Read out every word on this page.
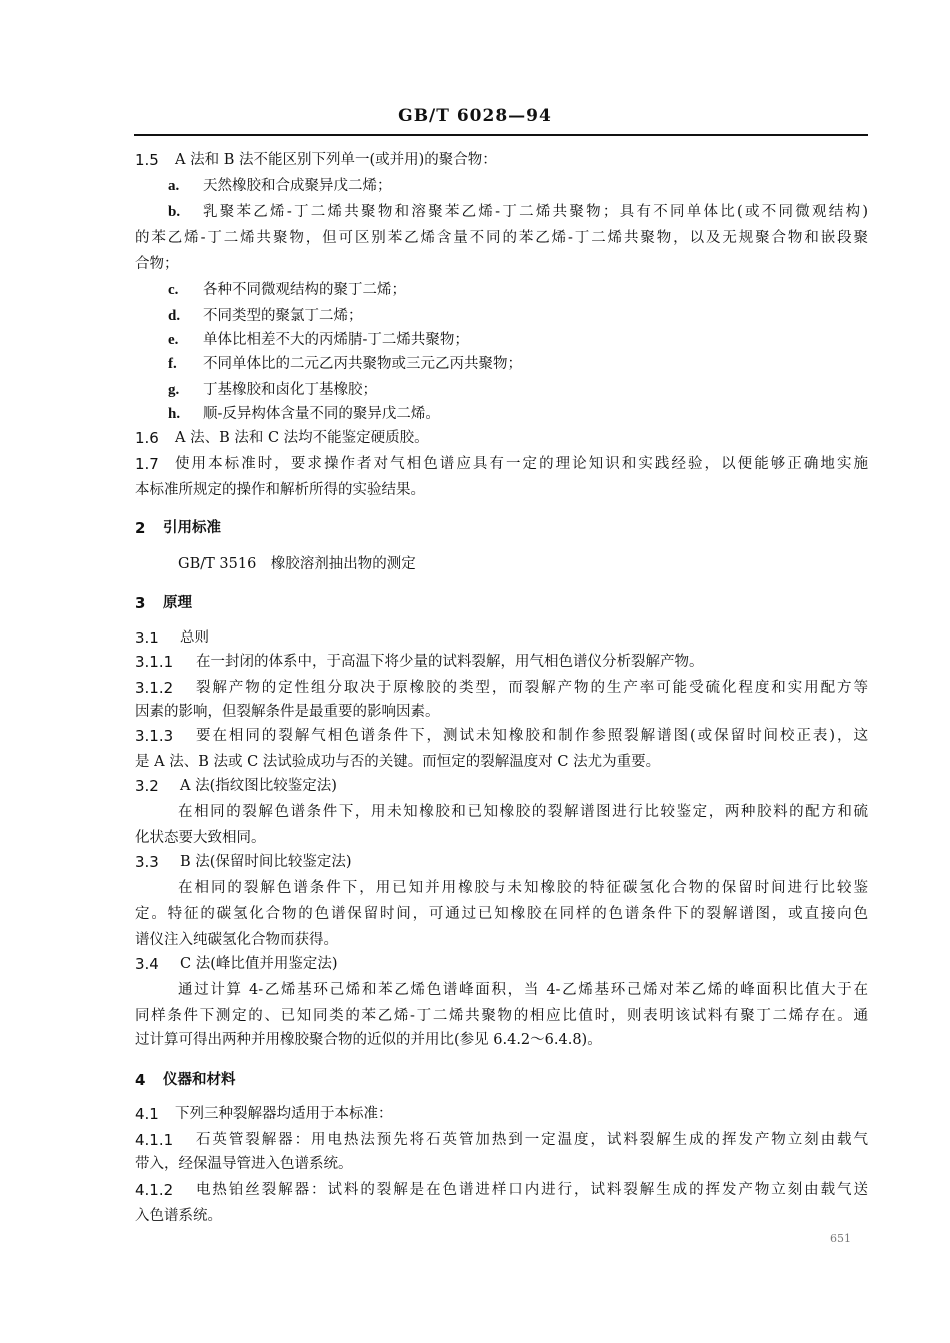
GB/T 6028—94
1.5 A 法和 B 法不能区别下列单一(或并用)的聚合物：
a. 天然橡胶和合成聚异戊二烯；
b. 乳聚苯乙烯-丁二烯共聚物和溶聚苯乙烯-丁二烯共聚物；具有不同单体比(或不同微观结构)
的苯乙烯-丁二烯共聚物，但可区别苯乙烯含量不同的苯乙烯-丁二烯共聚物，以及无规聚合物和嵌段聚
合物；
c. 各种不同微观结构的聚丁二烯；
d. 不同类型的聚氯丁二烯；
e. 单体比相差不大的丙烯腈-丁二烯共聚物；
f. 不同单体比的二元乙丙共聚物或三元乙丙共聚物；
g. 丁基橡胶和卤化丁基橡胶；
h. 顺-反异构体含量不同的聚异戊二烯。
1.6 A 法、B 法和 C 法均不能鉴定硬质胶。
1.7 使用本标准时，要求操作者对气相色谱应具有一定的理论知识和实践经验，以便能够正确地实施
本标准所规定的操作和解析所得的实验结果。
2 引用标准
GB/T 3516　橡胶溶剂抽出物的测定
3 原理
3.1 总则
3.1.1 在一封闭的体系中，于高温下将少量的试料裂解，用气相色谱仪分析裂解产物。
3.1.2 裂解产物的定性组分取决于原橡胶的类型，而裂解产物的生产率可能受硫化程度和实用配方等
因素的影响，但裂解条件是最重要的影响因素。
3.1.3 要在相同的裂解气相色谱条件下，测试未知橡胶和制作参照裂解谱图(或保留时间校正表)，这
是 A 法、B 法或 C 法试验成功与否的关键。而恒定的裂解温度对 C 法尤为重要。
3.2 A 法(指纹图比较鉴定法)
在相同的裂解色谱条件下，用未知橡胶和已知橡胶的裂解谱图进行比较鉴定，两种胶料的配方和硫
化状态要大致相同。
3.3 B 法(保留时间比较鉴定法)
在相同的裂解色谱条件下，用已知并用橡胶与未知橡胶的特征碳氢化合物的保留时间进行比较鉴
定。特征的碳氢化合物的色谱保留时间，可通过已知橡胶在同样的色谱条件下的裂解谱图，或直接向色
谱仪注入纯碳氢化合物而获得。
3.4 C 法(峰比值并用鉴定法)
通过计算 4-乙烯基环己烯和苯乙烯色谱峰面积，当 4-乙烯基环己烯对苯乙烯的峰面积比值大于在
同样条件下测定的、已知同类的苯乙烯-丁二烯共聚物的相应比值时，则表明该试料有聚丁二烯存在。通
过计算可得出两种并用橡胶聚合物的近似的并用比(参见 6.4.2～6.4.8)。
4 仪器和材料
4.1 下列三种裂解器均适用于本标准：
4.1.1 石英管裂解器：用电热法预先将石英管加热到一定温度，试料裂解生成的挥发产物立刻由载气
带入，经保温导管进入色谱系统。
4.1.2 电热铂丝裂解器：试料的裂解是在色谱进样口内进行，试料裂解生成的挥发产物立刻由载气送
入色谱系统。
651
